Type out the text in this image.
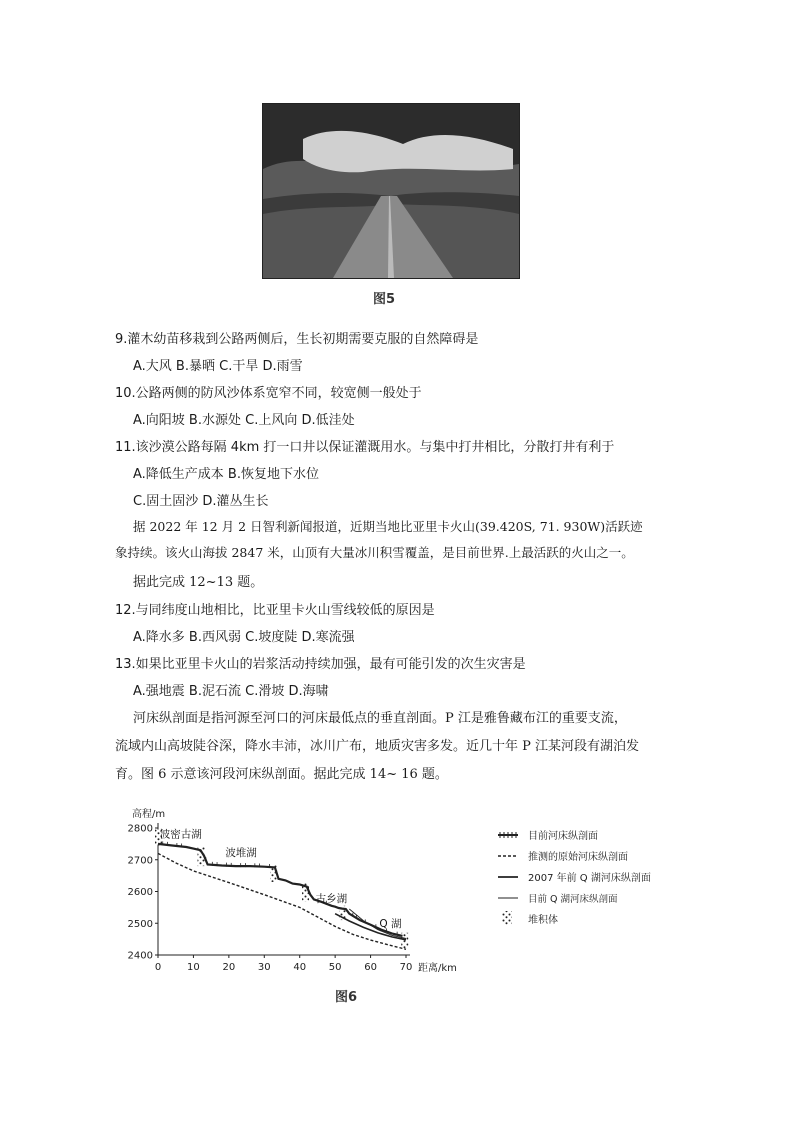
图5
9.灌木幼苗移栽到公路两侧后，生长初期需要克服的自然障碍是
A.大风 B.暴晒 C.干旱 D.雨雪
10.公路两侧的防风沙体系宽窄不同，较宽侧一般处于
A.向阳坡 B.水源处 C.上风向 D.低洼处
11.该沙漠公路每隔 4km 打一口井以保证灌溉用水。与集中打井相比，分散打井有利于
A.降低生产成本 B.恢复地下水位
C.固土固沙 D.灌丛生长
据 2022 年 12 月 2 日智利新闻报道，近期当地比亚里卡火山(39.420S, 71. 930W)活跃迹
象持续。该火山海拔 2847 米，山顶有大量冰川积雪覆盖，是目前世界.上最活跃的火山之一。
据此完成 12~13 题。
12.与同纬度山地相比，比亚里卡火山雪线较低的原因是
A.降水多 B.西风弱 C.坡度陡 D.寒流强
13.如果比亚里卡火山的岩浆活动持续加强，最有可能引发的次生灾害是
A.强地震 B.泥石流 C.滑坡 D.海啸
河床纵剖面是指河源至河口的河床最低点的垂直剖面。P 江是雅鲁藏布江的重要支流，
流域内山高坡陡谷深，降水丰沛，冰川广布，地质灾害多发。近几十年 P 江某河段有湖泊发
育。图 6 示意该河段河床纵剖面。据此完成 14~ 16 题。
高程/m
2400
2500
2600
2700
2800
0	10 20 30 40 50 60 70 距离/km
波密古湖
波堆湖
古乡湖
Q 湖
目前河床纵剖面
推测的原始河床纵剖面
2007 年前 Q 湖河床纵剖面
目前 Q 湖河床纵剖面
堆积体
图6
